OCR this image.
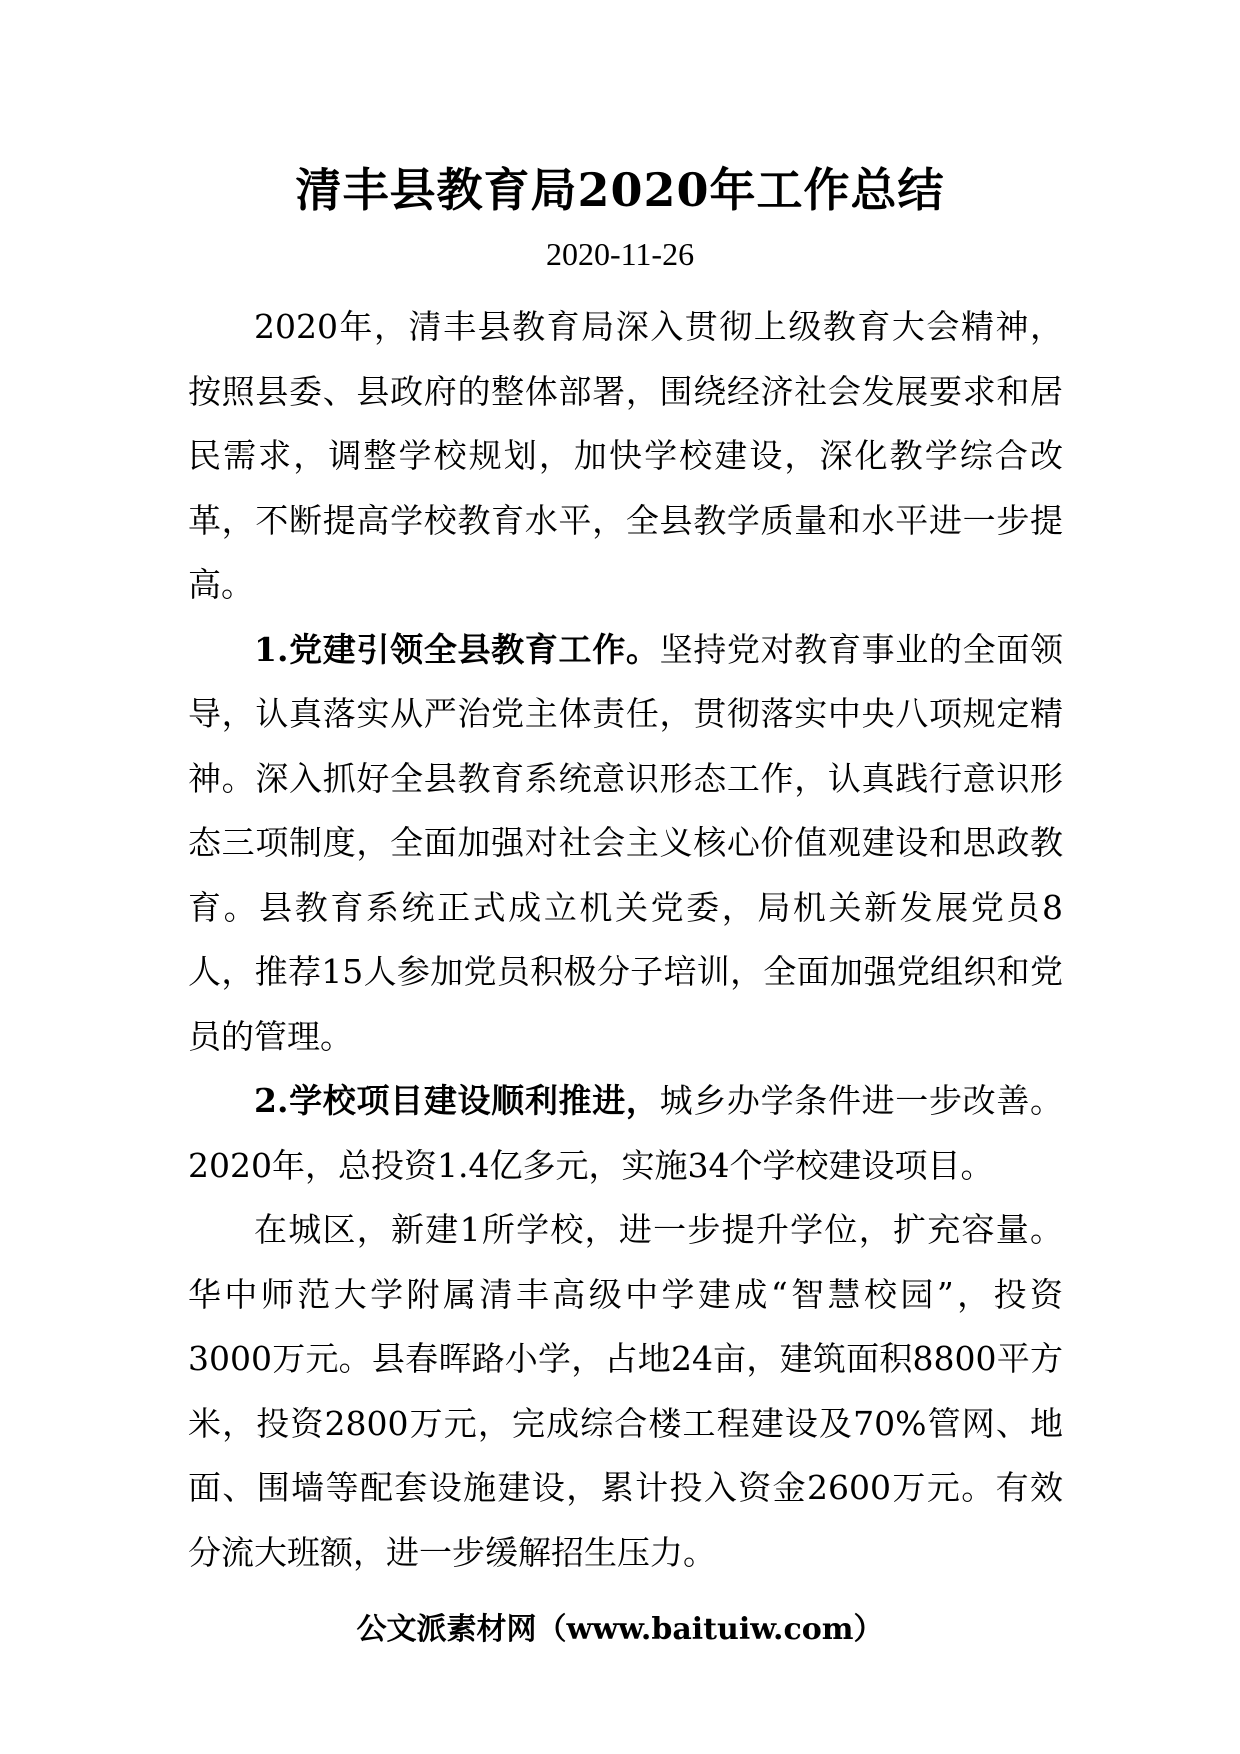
清丰县教育局2020年工作总结
2020-11-26

2020年，清丰县教育局深入贯彻上级教育大会精神，按照县委、县政府的整体部署，围绕经济社会发展要求和居民需求，调整学校规划，加快学校建设，深化教学综合改革，不断提高学校教育水平，全县教学质量和水平进一步提高。

1.党建引领全县教育工作。坚持党对教育事业的全面领导，认真落实从严治党主体责任，贯彻落实中央八项规定精神。深入抓好全县教育系统意识形态工作，认真践行意识形态三项制度，全面加强对社会主义核心价值观建设和思政教育。县教育系统正式成立机关党委，局机关新发展党员8人，推荐15人参加党员积极分子培训，全面加强党组织和党员的管理。

2.学校项目建设顺利推进，城乡办学条件进一步改善。2020年，总投资1.4亿多元，实施34个学校建设项目。

在城区，新建1所学校，进一步提升学位，扩充容量。华中师范大学附属清丰高级中学建成“智慧校园”，投资3000万元。县春晖路小学，占地24亩，建筑面积8800平方米，投资2800万元，完成综合楼工程建设及70%管网、地面、围墙等配套设施建设，累计投入资金2600万元。有效分流大班额，进一步缓解招生压力。

公文派素材网（www.baituiw.com）
